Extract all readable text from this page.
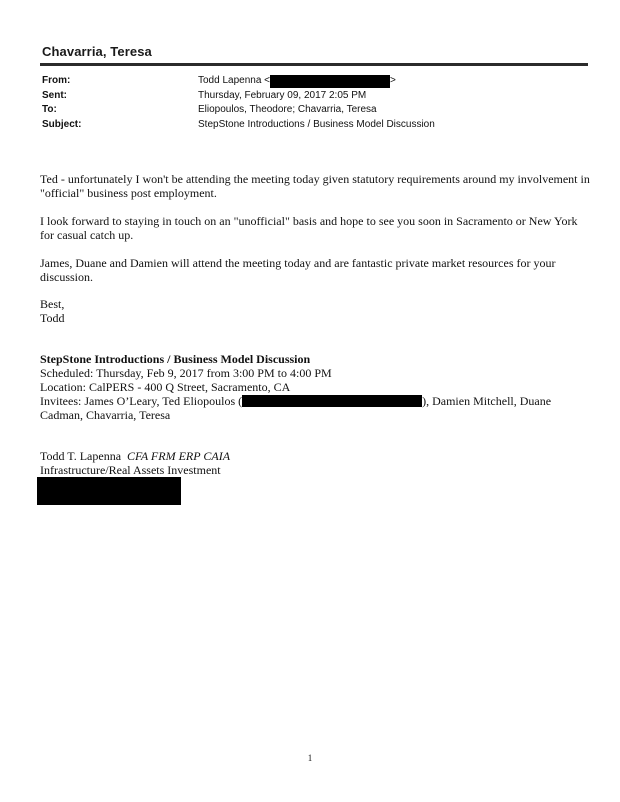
Chavarria, Teresa
From:	Todd Lapenna <	>
Sent:	Thursday, February 09, 2017 2:05 PM
To:	Eliopoulos, Theodore; Chavarria, Teresa
Subject:	StepStone Introductions / Business Model Discussion
Ted - unfortunately I won't be attending the meeting today given statutory requirements around my involvement in "official" business post employment.
I look forward to staying in touch on an "unofficial" basis and hope to see you soon in Sacramento or New York for casual catch up.
James, Duane and Damien will attend the meeting today and are fantastic private market resources for your discussion.
Best,
Todd
StepStone Introductions / Business Model Discussion
Scheduled: Thursday, Feb 9, 2017 from 3:00 PM to 4:00 PM
Location: CalPERS - 400 Q Street, Sacramento, CA
Invitees: James O’Leary, Ted Eliopoulos (	), Damien Mitchell, Duane Cadman, Chavarria, Teresa
Todd T. Lapenna CFA FRM ERP CAIA
Infrastructure/Real Assets Investment
1
